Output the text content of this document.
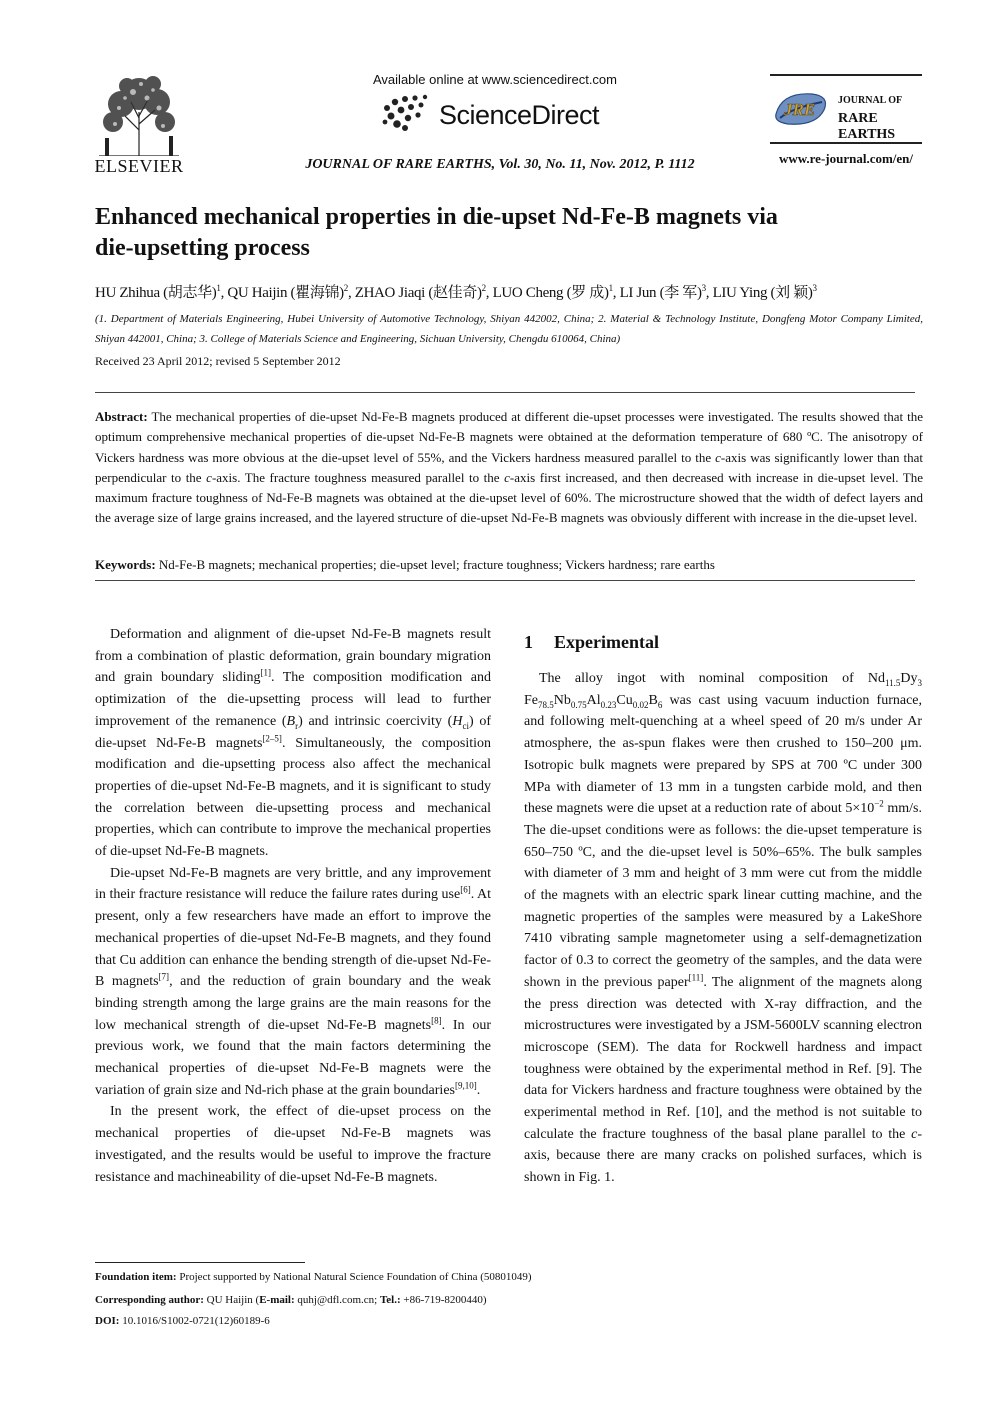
ELSEVIER
Available online at www.sciencedirect.com
ScienceDirect
JOURNAL OF RARE EARTHS, Vol. 30, No. 11, Nov. 2012, P. 1112
JRE JOURNAL OF
RARE EARTHS
www.re-journal.com/en/
Enhanced mechanical properties in die-upset Nd-Fe-B magnets via
die-upsetting process
HU Zhihua (胡志华)$^1$, QU Haijin (瞿海锦)$^2$, ZHAO Jiaqi (赵佳奇)$^2$, LUO Cheng (罗 成)$^1$, LI Jun (李 军)$^3$, LIU Ying (刘 颖)$^3$
(1. Department of Materials Engineering, Hubei University of Automotive Technology, Shiyan 442002, China; 2. Material & Technology Institute, Dongfeng Motor Company Limited, Shiyan 442001, China; 3. College of Materials Science and Engineering, Sichuan University, Chengdu 610064, China)
Received 23 April 2012; revised 5 September 2012
Abstract: The mechanical properties of die-upset Nd-Fe-B magnets produced at different die-upset processes were investigated. The results showed that the optimum comprehensive mechanical properties of die-upset Nd-Fe-B magnets were obtained at the deformation temperature of 680 ºC. The anisotropy of Vickers hardness was more obvious at the die-upset level of 55%, and the Vickers hardness measured parallel to the c-axis was significantly lower than that perpendicular to the c-axis. The fracture toughness measured parallel to the c-axis first increased, and then decreased with increase in die-upset level. The maximum fracture toughness of Nd-Fe-B magnets was obtained at the die-upset level of 60%. The microstructure showed that the width of defect layers and the average size of large grains increased, and the layered structure of die-upset Nd-Fe-B magnets was obviously different with increase in the die-upset level.
Keywords: Nd-Fe-B magnets; mechanical properties; die-upset level; fracture toughness; Vickers hardness; rare earths

Deformation and alignment of die-upset Nd-Fe-B magnets result from a combination of plastic deformation, grain boundary migration and grain boundary sliding[1]. The composition modification and optimization of the die-upsetting process will lead to further improvement of the remanence $(B_r)$ and intrinsic coercivity $(H_{ci})$ of die-upset Nd-Fe-B magnets[2–5]. Simultaneously, the composition modification and die-upsetting process also affect the mechanical properties of die-upset Nd-Fe-B magnets, and it is significant to study the correlation between die-upsetting process and mechanical properties, which can contribute to improve the mechanical properties of die-upset Nd-Fe-B magnets.

Die-upset Nd-Fe-B magnets are very brittle, and any improvement in their fracture resistance will reduce the failure rates during use[6]. At present, only a few researchers have made an effort to improve the mechanical properties of die-upset Nd-Fe-B magnets, and they found that Cu addition can enhance the bending strength of die-upset Nd-Fe-B magnets[7], and the reduction of grain boundary and the weak binding strength among the large grains are the main reasons for the low mechanical strength of die-upset Nd-Fe-B magnets[8]. In our previous work, we found that the main factors determining the mechanical properties of die-upset Nd-Fe-B magnets were the variation of grain size and Nd-rich phase at the grain boundaries[9,10].

In the present work, the effect of die-upset process on the mechanical properties of die-upset Nd-Fe-B magnets was investigated, and the results would be useful to improve the fracture resistance and machineability of die-upset Nd-Fe-B magnets.

1 Experimental

The alloy ingot with nominal composition of $Nd_{11.5}Dy_3$ $Fe_{78.5}Nb_{0.75}Al_{0.23}Cu_{0.02}B_6$ was cast using vacuum induction furnace, and following melt-quenching at a wheel speed of 20 m/s under Ar atmosphere, the as-spun flakes were then crushed to 150–200 μm. Isotropic bulk magnets were prepared by SPS at 700 ºC under 300 MPa with diameter of 13 mm in a tungsten carbide mold, and then these magnets were die upset at a reduction rate of about $5\times 10^{-2}$ mm/s. The die-upset conditions were as follows: the die-upset temperature is 650–750 ºC, and the die-upset level is 50%–65%. The bulk samples with diameter of 3 mm and height of 3 mm were cut from the middle of the magnets with an electric spark linear cutting machine, and the magnetic properties of the samples were measured by a LakeShore 7410 vibrating sample magnetometer using a self-demagnetization factor of 0.3 to correct the geometry of the samples, and the data were shown in the previous paper[11]. The alignment of the magnets along the press direction was detected with X-ray diffraction, and the microstructures were investigated by a JSM-5600LV scanning electron microscope (SEM). The data for Rockwell hardness and impact toughness were obtained by the experimental method in Ref. [9]. The data for Vickers hardness and fracture toughness were obtained by the experimental method in Ref. [10], and the method is not suitable to calculate the fracture toughness of the basal plane parallel to the c-axis, because there are many cracks on polished surfaces, which is shown in Fig. 1.

Foundation item: Project supported by National Natural Science Foundation of China (50801049)
Corresponding author: QU Haijin (E-mail: quhj@dfl.com.cn; Tel.: +86-719-8200440)
DOI: 10.1016/S1002-0721(12)60189-6
